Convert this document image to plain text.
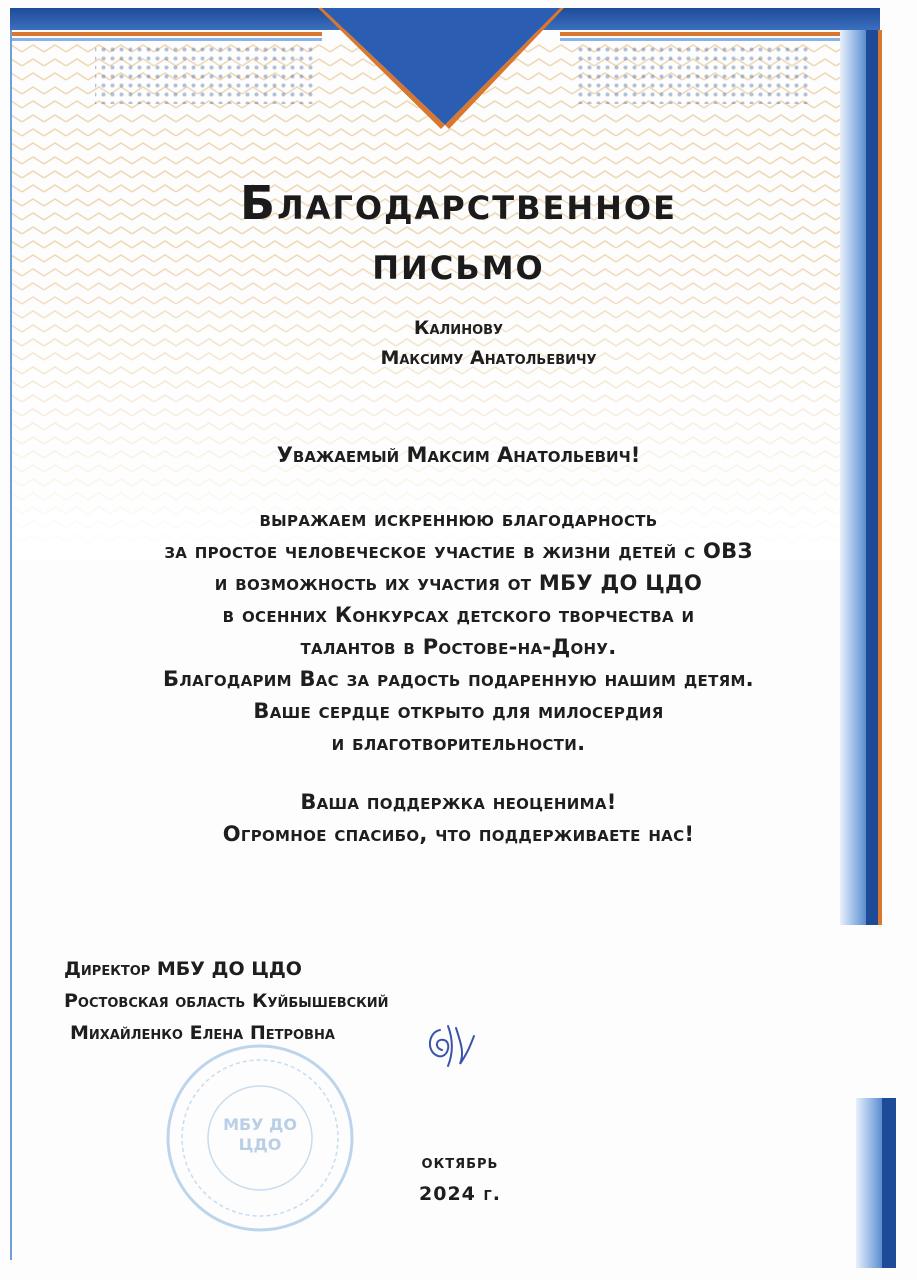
Благодарственное
письмо
Калинову
Максиму Анатольевичу
Уважаемый Максим Анатольевич!
выражаем искреннюю благодарность
за простое человеческое участие в жизни детей с ОВЗ
и возможность их участия от МБУ ДО ЦДО
в осенних Конкурсах детского творчества и
талантов в Ростове-на-Дону.
Благодарим Вас за радость подаренную нашим детям.
Ваше сердце открыто для милосердия
и благотворительности.
Ваша поддержка неоценима!
Огромное спасибо, что поддерживаете нас!
Директор МБУ ДО ЦДО
Ростовская область Куйбышевский
Михайленко Елена Петровна
МБУ ДО
ЦДО
октябрь
2024 г.
